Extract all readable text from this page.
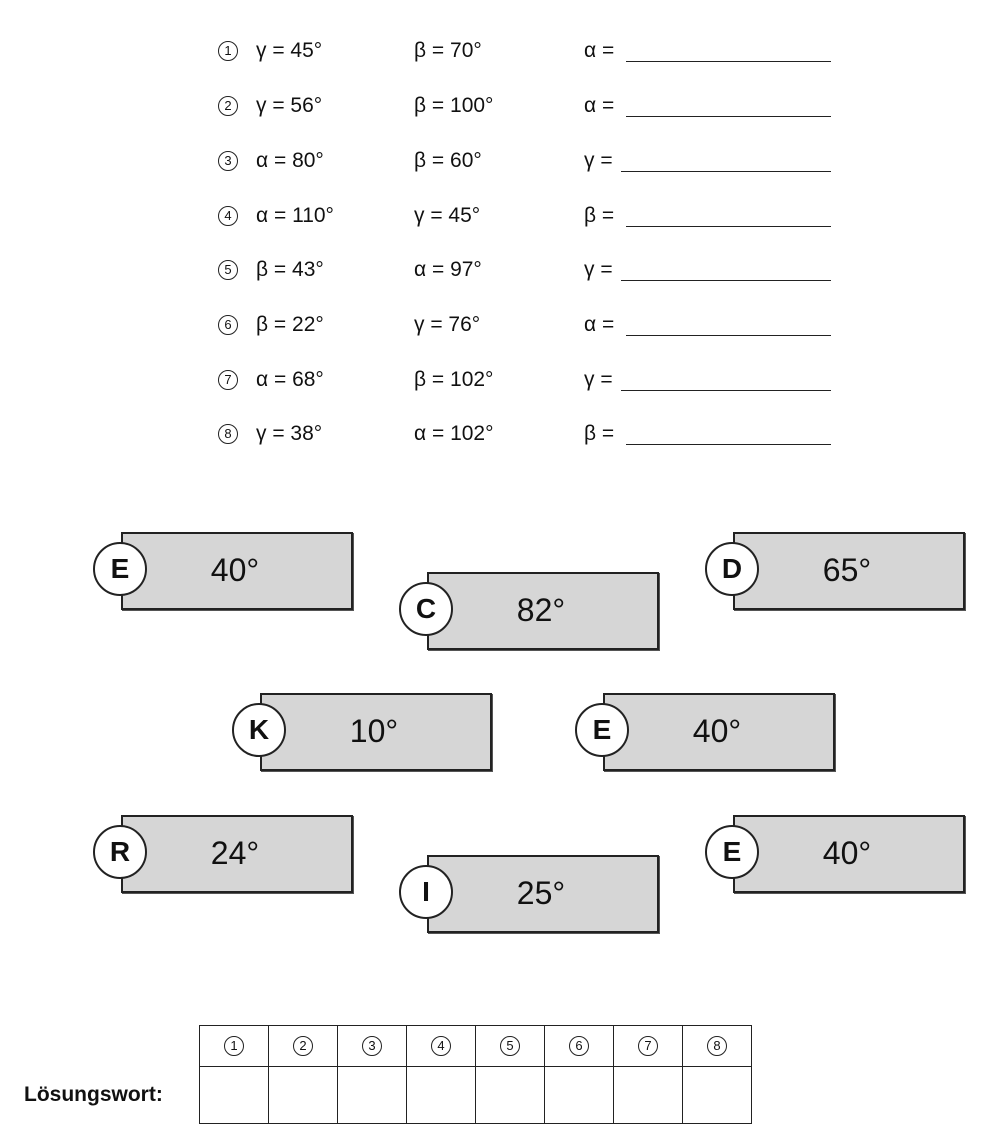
1	γ = 45°	β = 70°	α =
2	γ = 56°	β = 100°	α =
3	α = 80°	β = 60°	γ =
4	α = 110°	γ = 45°	β =
5	β = 43°	α = 97°	γ =
6	β = 22°	γ = 76°	α =
7	α = 68°	β = 102°	γ =
8	γ = 38°	α = 102°	β =
40°
E
82°
C
65°
D
10°
K	40°
E
24°
R
25°
I
40°
E
Lösungswort:
1	2	3	4	5	6	7	8
